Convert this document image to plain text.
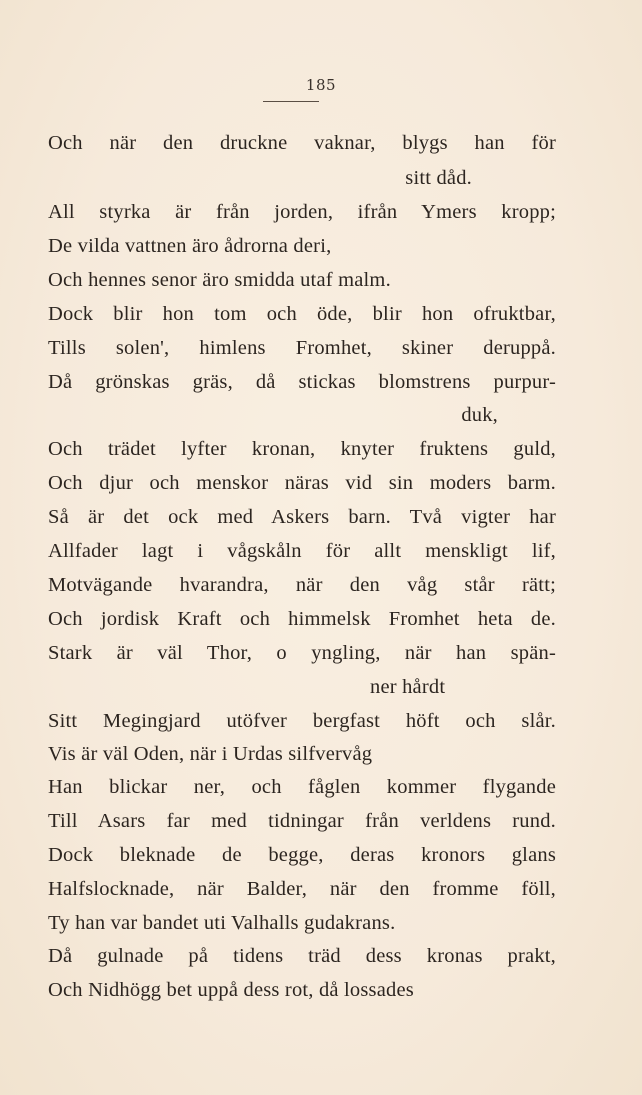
185
Och när den druckne vaknar, blygs han för
sitt dåd.
All styrka är från jorden, ifrån Ymers kropp;
De vilda vattnen äro ådrorna deri,
Och hennes senor äro smidda utaf malm.
Dock blir hon tom och öde, blir hon ofruktbar,
Tills solen', himlens Fromhet, skiner deruppå.
Då grönskas gräs, då stickas blomstrens purpur-
duk,
Och trädet lyfter kronan, knyter fruktens guld,
Och djur och menskor näras vid sin moders barm.
Så är det ock med Askers barn. Två vigter har
Allfader lagt i vågskåln för allt menskligt lif,
Motvägande hvarandra, när den våg står rätt;
Och jordisk Kraft och himmelsk Fromhet heta de.
Stark är väl Thor, o yngling, när han spän-
ner hårdt
Sitt Megingjard utöfver bergfast höft och slår.
Vis är väl Oden, när i Urdas silfvervåg
Han blickar ner, och fåglen kommer flygande
Till Asars far med tidningar från verldens rund.
Dock bleknade de begge, deras kronors glans
Halfslocknade, när Balder, när den fromme föll,
Ty han var bandet uti Valhalls gudakrans.
Då gulnade på tidens träd dess kronas prakt,
Och Nidhögg bet uppå dess rot, då lossades
